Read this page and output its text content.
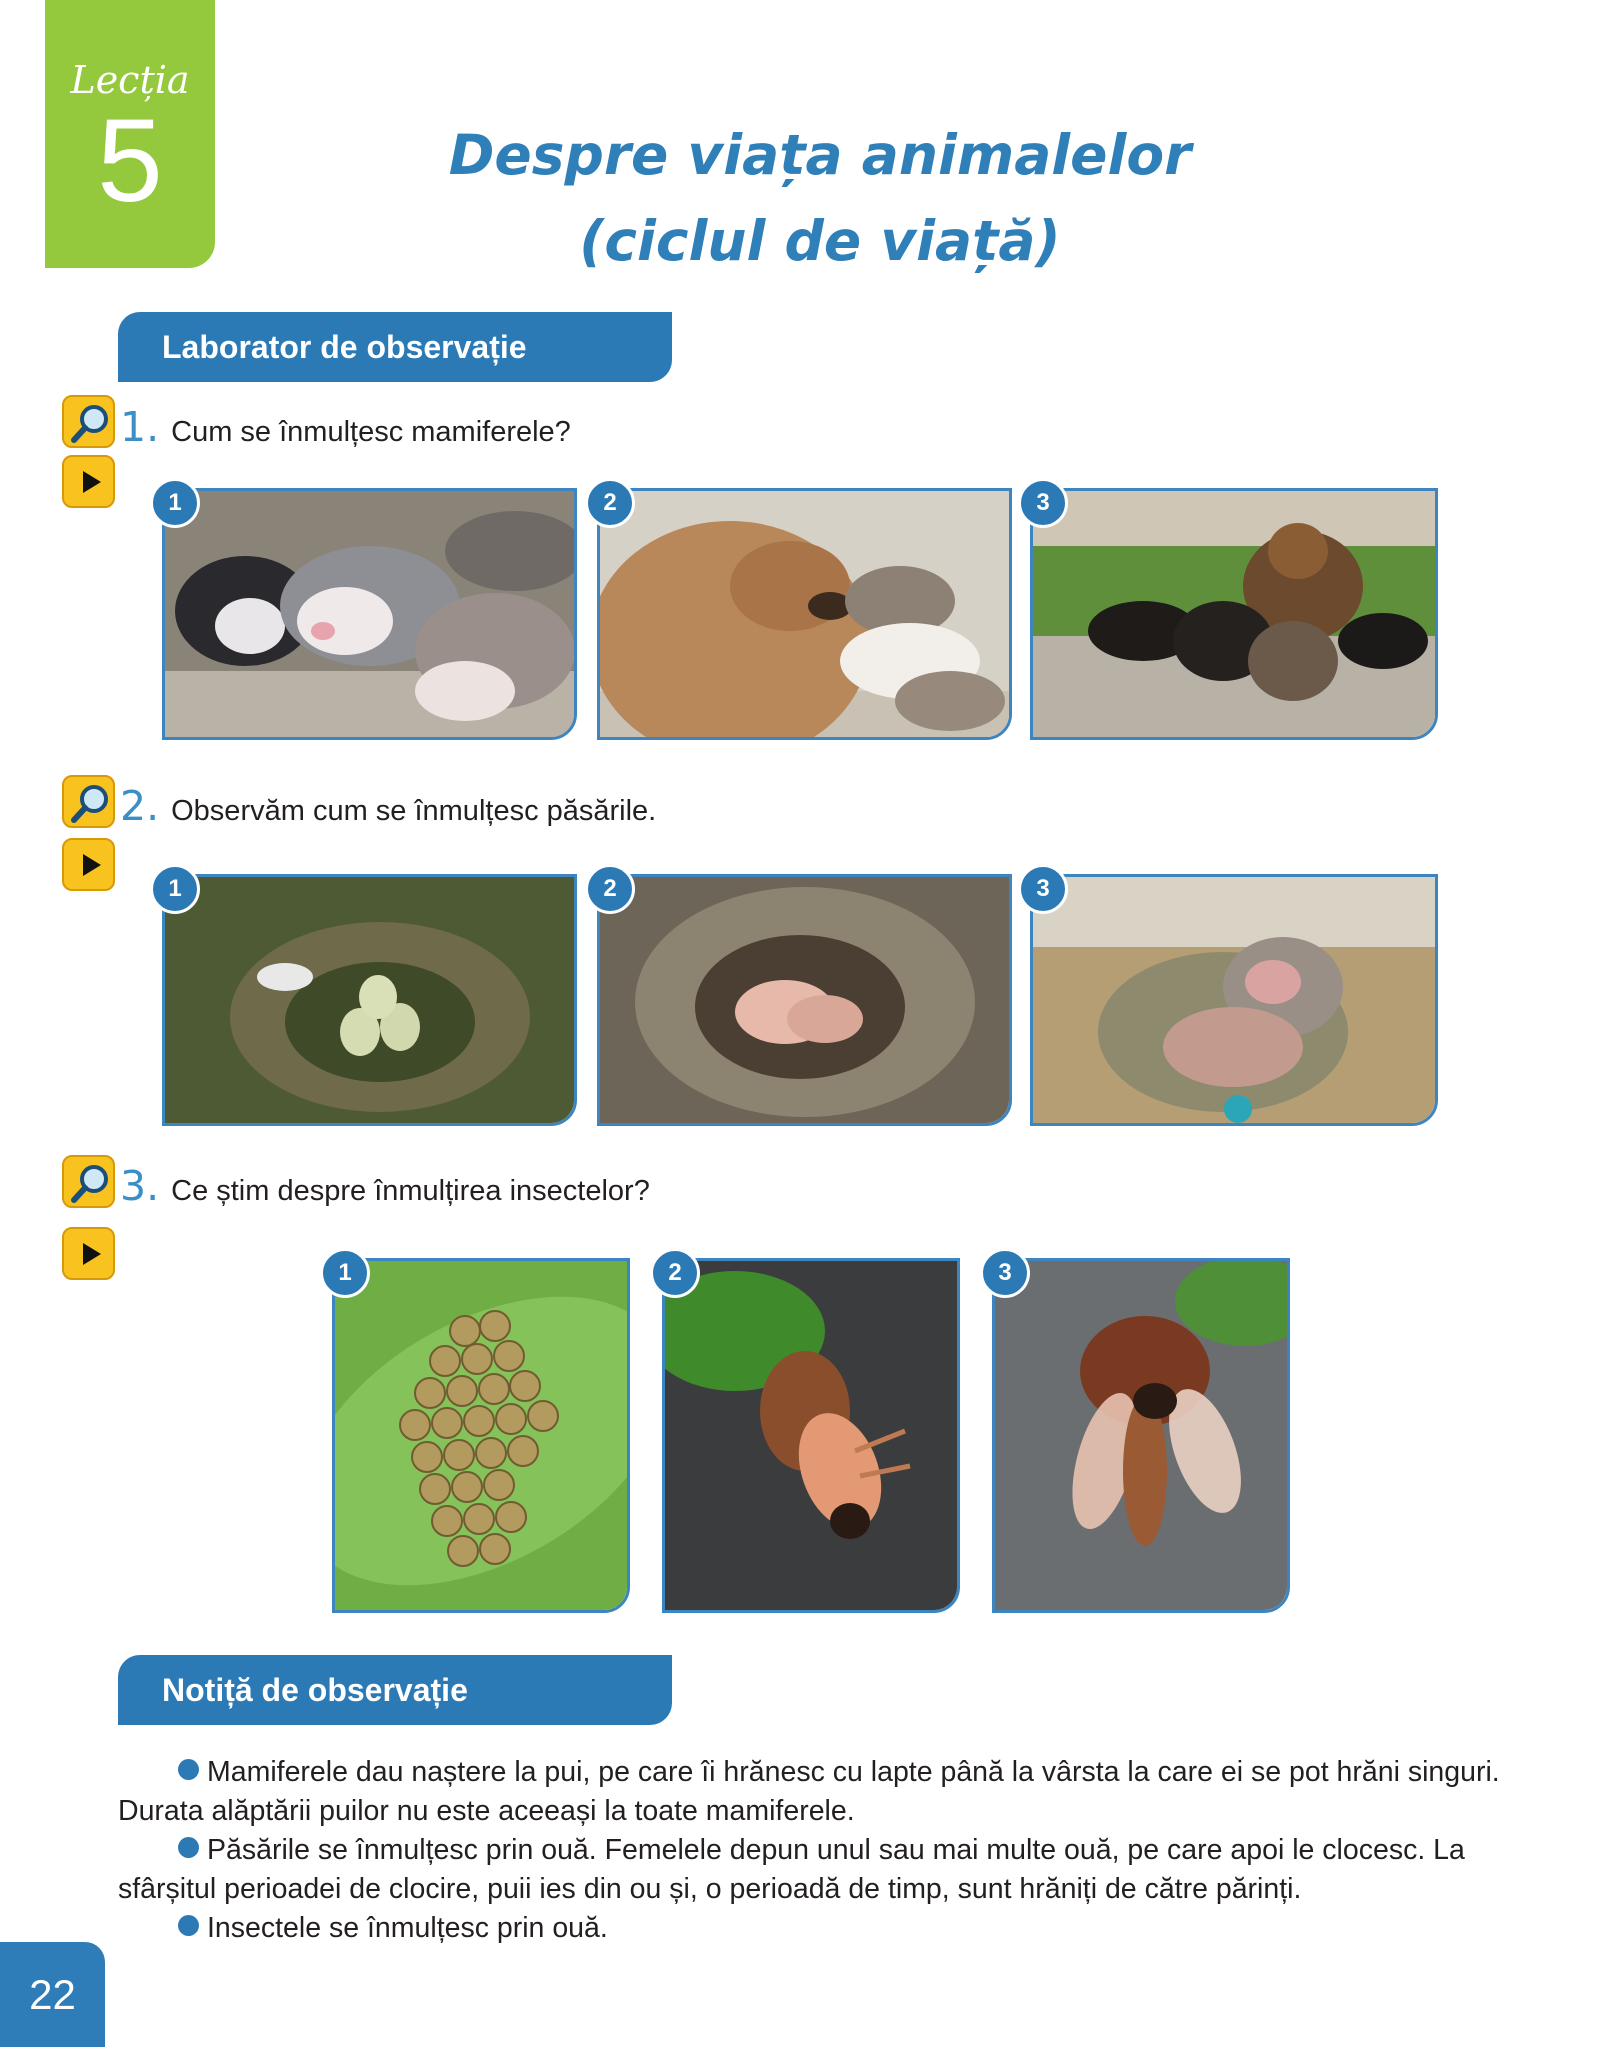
Lecția
5	Despre viața animalelor
(ciclul de viață)
Laborator de observație
1. Cum se înmulțesc mamiferele?
1	2	3
2. Observăm cum se înmulțesc păsările.
1	2	3
3. Ce știm despre înmulțirea insectelor?
1	2	3
Notiță de observație

Mamiferele dau naștere la pui, pe care îi hrănesc cu lapte până la vârsta la care ei se pot hrăni singuri. Durata alăptării puilor nu este aceeași la toate mamiferele.

Păsările se înmulțesc prin ouă. Femelele depun unul sau mai multe ouă, pe care apoi le clocesc. La sfârșitul perioadei de clocire, puii ies din ou și, o perioadă de timp, sunt hrăniți de către părinți.

Insectele se înmulțesc prin ouă.

22
